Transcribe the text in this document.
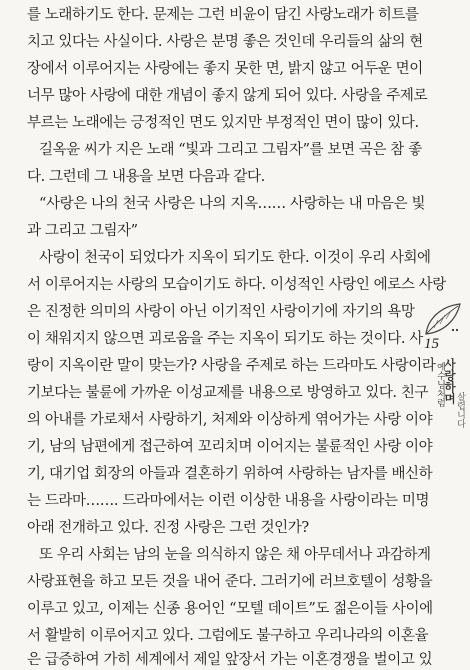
를 노래하기도 한다. 문제는 그런 비윤이 담긴 사랑노래가 히트를
치고 있다는 사실이다. 사랑은 분명 좋은 것인데 우리들의 삶의 현
장에서 이루어지는 사랑에는 좋지 못한 면, 밝지 않고 어두운 면이
너무 많아 사랑에 대한 개념이 좋지 않게 되어 있다. 사랑을 주제로
부르는 노래에는 긍정적인 면도 있지만 부정적인 면이 많이 있다.
길옥윤 씨가 지은 노래 “빛과 그리고 그림자”를 보면 곡은 참 좋
다. 그런데 그 내용을 보면 다음과 같다.
“사랑은 나의 천국 사랑은 나의 지옥…… 사랑하는 내 마음은 빛
과 그리고 그림자”
사랑이 천국이 되었다가 지옥이 되기도 한다. 이것이 우리 사회에
서 이루어지는 사랑의 모습이기도 하다. 이성적인 사랑인 에로스 사랑
은 진정한 의미의 사랑이 아닌 이기적인 사랑이기에 자기의 욕망
이 채워지지 않으면 괴로움을 주는 지옥이 되기도 하는 것이다. 사
랑이 지옥이란 말이 맞는가? 사랑을 주제로 하는 드라마도 사랑이라
기보다는 불륜에 가까운 이성교제를 내용으로 방영하고 있다. 친구
의 아내를 가로채서 사랑하기, 처제와 이상하게 엮어가는 사랑 이야
기, 남의 남편에게 접근하여 꼬리치며 이어지는 불륜적인 사랑 이야
기, 대기업 회장의 아들과 결혼하기 위하여 사랑하는 남자를 배신하
는 드라마……. 드라마에서는 이런 이상한 내용을 사랑이라는 미명
아래 전개하고 있다. 진정 사랑은 그런 것인가?
또 우리 사회는 남의 눈을 의식하지 않은 채 아무데서나 과감하게
사랑표현을 하고 모든 것을 내어 준다. 그러기에 러브호텔이 성황을
이루고 있고, 이제는 신종 용어인 “모텔 데이트”도 젊은이들 사이에
서 활발히 이루어지고 있다. 그럼에도 불구하고 우리나라의 이혼율
은 급증하여 가히 세계에서 제일 앞장서 가는 이혼경쟁을 벌이고 있
15
예수님처럼
사랑하며
살렵니다
